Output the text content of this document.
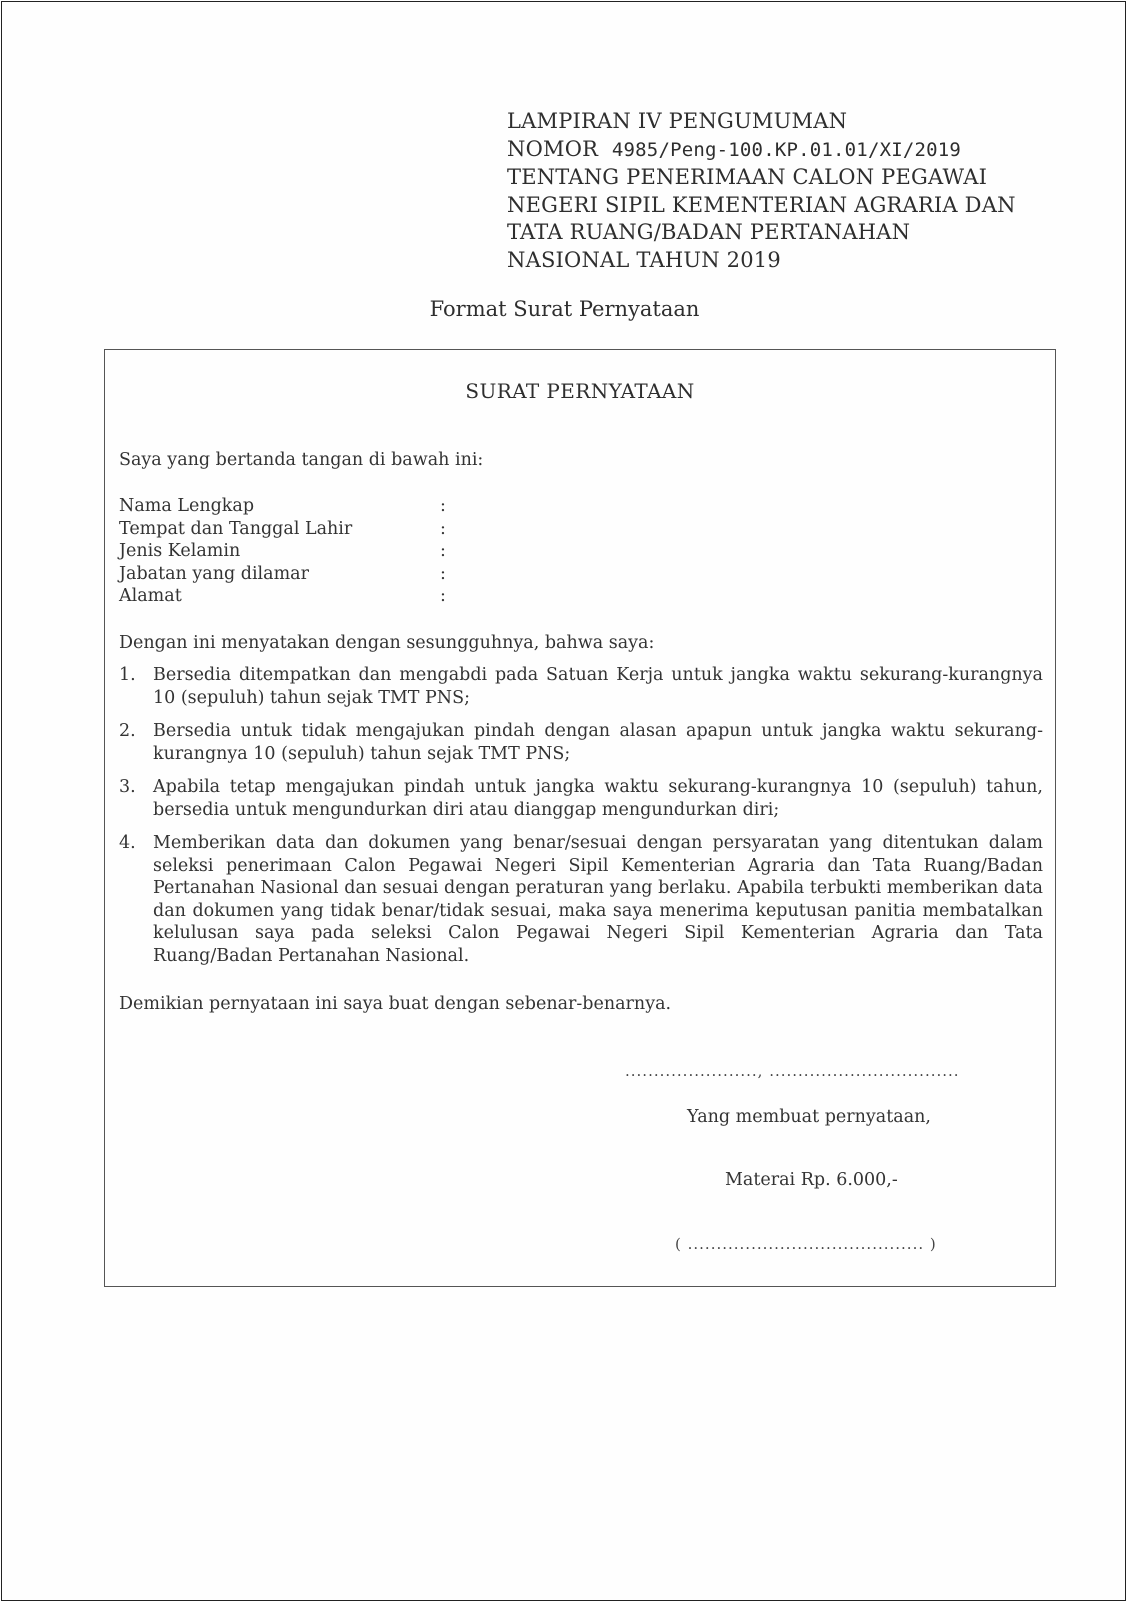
LAMPIRAN IV PENGUMUMAN
NOMOR 4985/Peng-100.KP.01.01/XI/2019
TENTANG PENERIMAAN CALON PEGAWAI
NEGERI SIPIL KEMENTERIAN AGRARIA DAN
TATA RUANG/BADAN PERTANAHAN
NASIONAL TAHUN 2019
Format Surat Pernyataan
SURAT PERNYATAAN
Saya yang bertanda tangan di bawah ini:
Nama Lengkap	:
Tempat dan Tanggal Lahir	:
Jenis Kelamin	:
Jabatan yang dilamar	:
Alamat	:
Dengan ini menyatakan dengan sesungguhnya, bahwa saya:
1. Bersedia ditempatkan dan mengabdi pada Satuan Kerja untuk jangka waktu sekurang-kurangnya 10 (sepuluh) tahun sejak TMT PNS;
2. Bersedia untuk tidak mengajukan pindah dengan alasan apapun untuk jangka waktu sekurang-kurangnya 10 (sepuluh) tahun sejak TMT PNS;
3. Apabila tetap mengajukan pindah untuk jangka waktu sekurang-kurangnya 10 (sepuluh) tahun, bersedia untuk mengundurkan diri atau dianggap mengundurkan diri;
4. Memberikan data dan dokumen yang benar/sesuai dengan persyaratan yang ditentukan dalam seleksi penerimaan Calon Pegawai Negeri Sipil Kementerian Agraria dan Tata Ruang/Badan Pertanahan Nasional dan sesuai dengan peraturan yang berlaku. Apabila terbukti memberikan data dan dokumen yang tidak benar/tidak sesuai, maka saya menerima keputusan panitia membatalkan kelulusan saya pada seleksi Calon Pegawai Negeri Sipil Kementerian Agraria dan Tata Ruang/Badan Pertanahan Nasional.
Demikian pernyataan ini saya buat dengan sebenar-benarnya.
......................., .................................
Yang membuat pernyataan,
Materai Rp. 6.000,-
( ......................................... )
